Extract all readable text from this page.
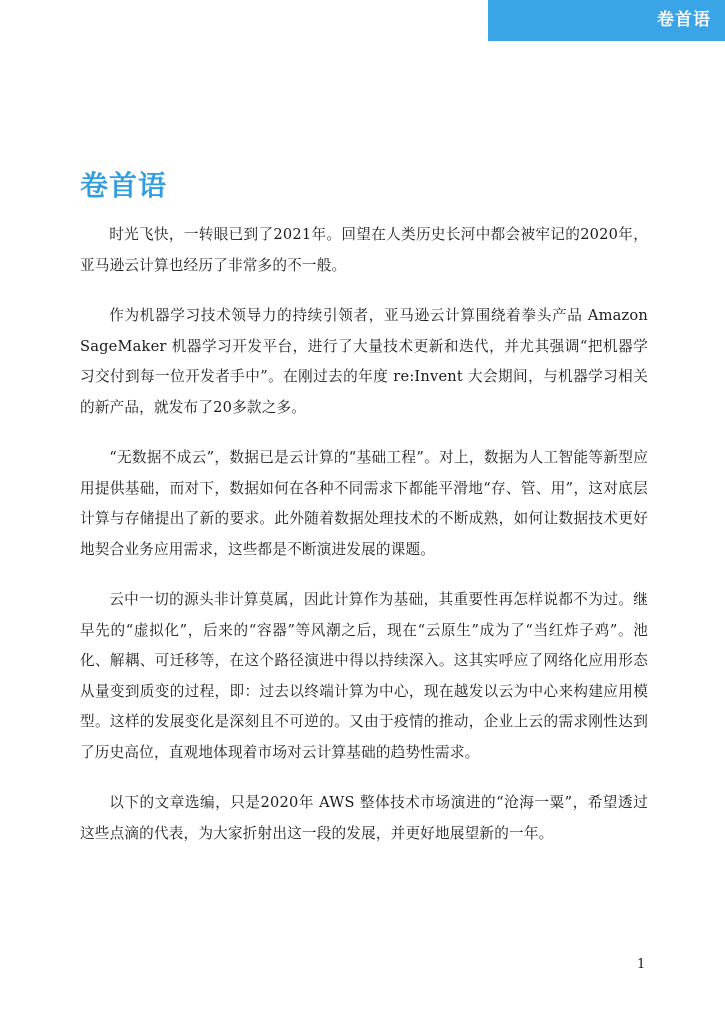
卷首语
卷首语

时光飞快，一转眼已到了2021年。回望在人类历史长河中都会被牢记的2020年，亚马逊云计算也经历了非常多的不一般。

作为机器学习技术领导力的持续引领者，亚马逊云计算围绕着拳头产品 Amazon SageMaker 机器学习开发平台，进行了大量技术更新和迭代，并尤其强调“把机器学习交付到每一位开发者手中”。在刚过去的年度 re:Invent 大会期间，与机器学习相关的新产品，就发布了20多款之多。

“无数据不成云”，数据已是云计算的“基础工程”。对上，数据为人工智能等新型应用提供基础，而对下，数据如何在各种不同需求下都能平滑地“存、管、用”，这对底层计算与存储提出了新的要求。此外随着数据处理技术的不断成熟，如何让数据技术更好地契合业务应用需求，这些都是不断演进发展的课题。

云中一切的源头非计算莫属，因此计算作为基础，其重要性再怎样说都不为过。继早先的“虚拟化”，后来的“容器”等风潮之后，现在“云原生”成为了“当红炸子鸡”。池化、解耦、可迁移等，在这个路径演进中得以持续深入。这其实呼应了网络化应用形态从量变到质变的过程，即：过去以终端计算为中心，现在越发以云为中心来构建应用模型。这样的发展变化是深刻且不可逆的。又由于疫情的推动，企业上云的需求刚性达到了历史高位，直观地体现着市场对云计算基础的趋势性需求。

以下的文章选编，只是2020年 AWS 整体技术市场演进的“沧海一粟”，希望透过这些点滴的代表，为大家折射出这一段的发展，并更好地展望新的一年。

1
